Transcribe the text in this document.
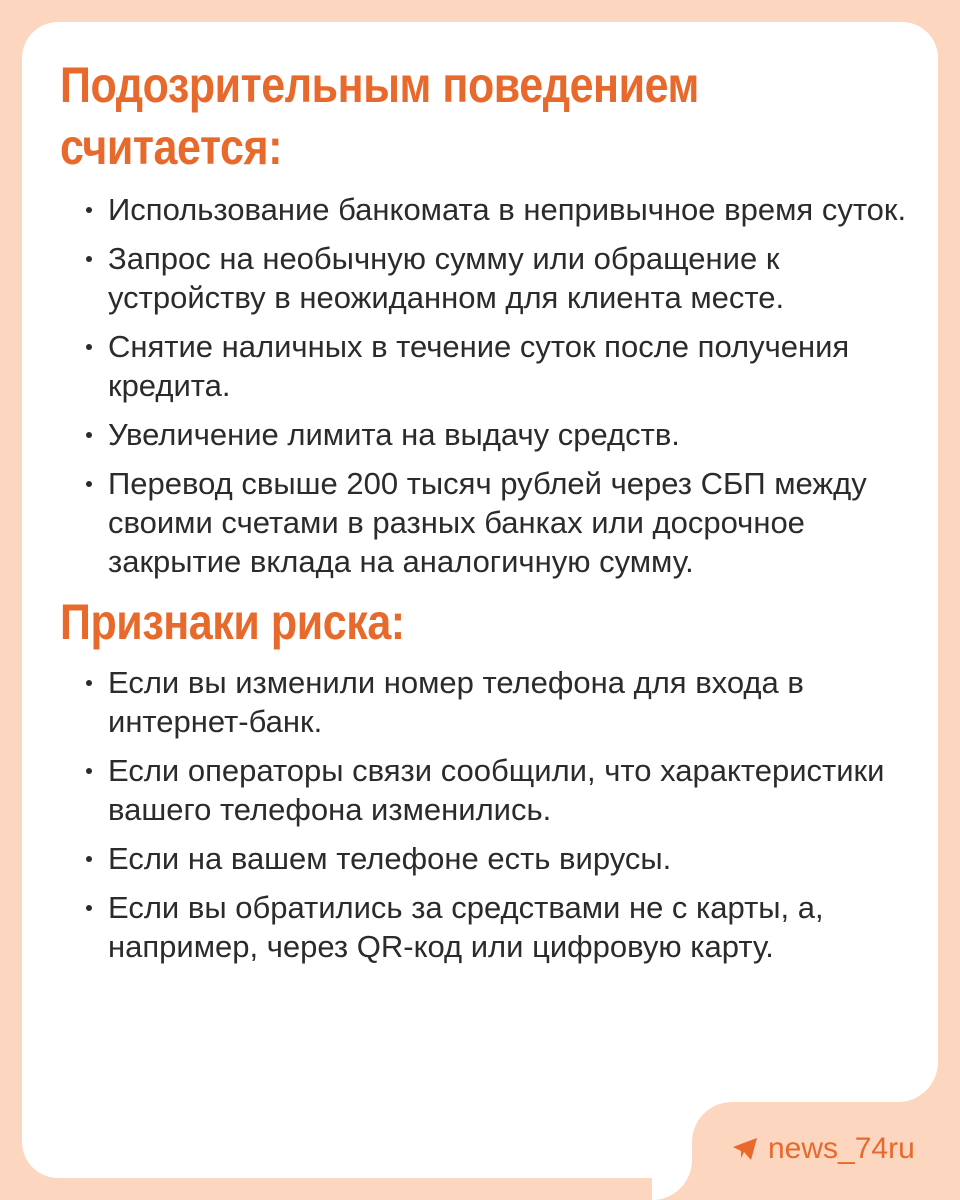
Подозрительным поведением считается:
Использование банкомата в непривычное время суток.
Запрос на необычную сумму или обращение к устройству в неожиданном для клиента месте.
Снятие наличных в течение суток после получения кредита.
Увеличение лимита на выдачу средств.
Перевод свыше 200 тысяч рублей через СБП между своими счетами в разных банках или досрочное закрытие вклада на аналогичную сумму.
Признаки риска:
Если вы изменили номер телефона для входа в интернет-банк.
Если операторы связи сообщили, что характеристики вашего телефона изменились.
Если на вашем телефоне есть вирусы.
Если вы обратились за средствами не с карты, а, например, через QR-код или цифровую карту.
news_74ru
